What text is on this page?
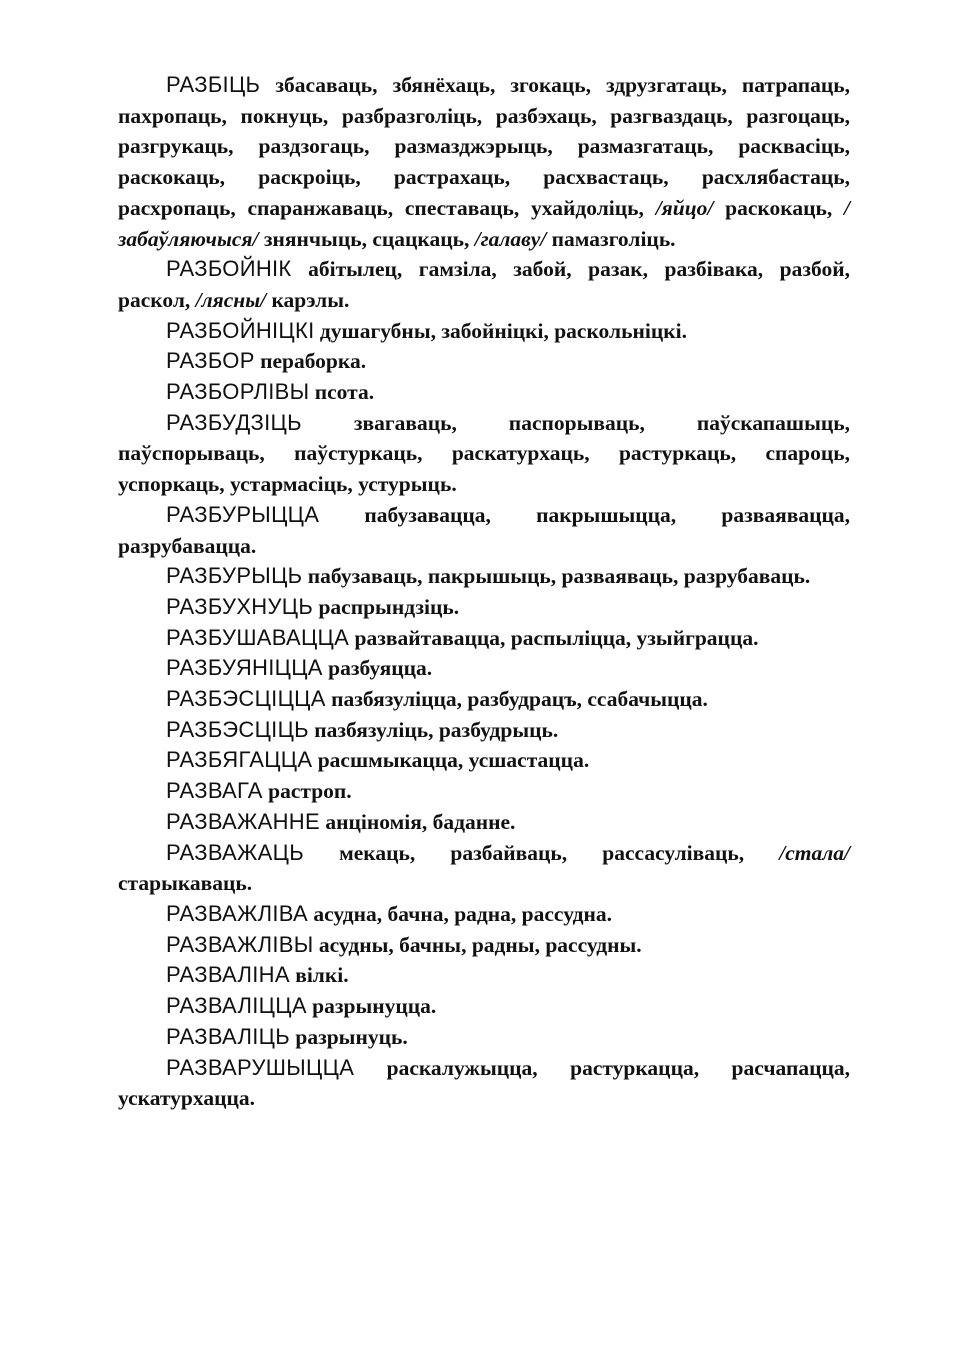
РАЗБІЦЬ збасаваць, збянёхаць, згокаць, здрузгатаць, патрапаць, пахропаць, покнуць, разбразголіць, разбэхаць, разгваздаць, разгоцаць, разгрукаць, раздзогаць, размазджэрыць, размазгатаць, расквасіць, раскокаць, раскроіць, растрахаць, расхвастаць, расхлябастаць, расхропаць, спаранжаваць, спеставаць, ухайдоліць, /яйцо/ раскокаць, /забаўляючыся/ знянчыць, сцацкаць, /галаву/ памазголіць.

РАЗБОЙНІК абітылец, гамзіла, забой, разак, разбівака, разбой, раскол, /лясны/ карэлы.

РАЗБОЙНІЦКІ душагубны, забойніцкі, раскольніцкі.

РАЗБОР пераборка.

РАЗБОРЛІВЫ псота.

РАЗБУДЗІЦЬ звагаваць, паспорываць, паўскапашыць, паўспорываць, паўстуркаць, раскатурхаць, растуркаць, спароць, успоркаць, устармасіць, устурыць.

РАЗБУРЫЦЦА пабузавацца, пакрышыцца, разваявацца, разрубавацца.

РАЗБУРЫЦЬ пабузаваць, пакрышыць, разваяваць, разрубаваць.

РАЗБУХНУЦЬ распрындзіць.

РАЗБУШАВАЦЦА развайтавацца, распыліцца, узыйграцца.

РАЗБУЯНІЦЦА разбуяцца.

РАЗБЭСЦІЦЦА пазбязуліцца, разбудрацъ, ссабачыцца.

РАЗБЭСЦІЦЬ пазбязуліць, разбудрыць.

РАЗБЯГАЦЦА расшмыкацца, усшастацца.

РАЗВАГА растроп.

РАЗВАЖАННЕ анціномія, баданне.

РАЗВАЖАЦЬ мекаць, разбайваць, рассасуліваць, /стала/ старыкаваць.

РАЗВАЖЛІВА асудна, бачна, радна, рассудна.

РАЗВАЖЛІВЫ асудны, бачны, радны, рассудны.

РАЗВАЛІНА вілкі.

РАЗВАЛІЦЦА разрынуцца.

РАЗВАЛІЦЬ разрынуць.

РАЗВАРУШЫЦЦА раскалужыцца, растуркацца, расчапацца, ускатурхацца.
